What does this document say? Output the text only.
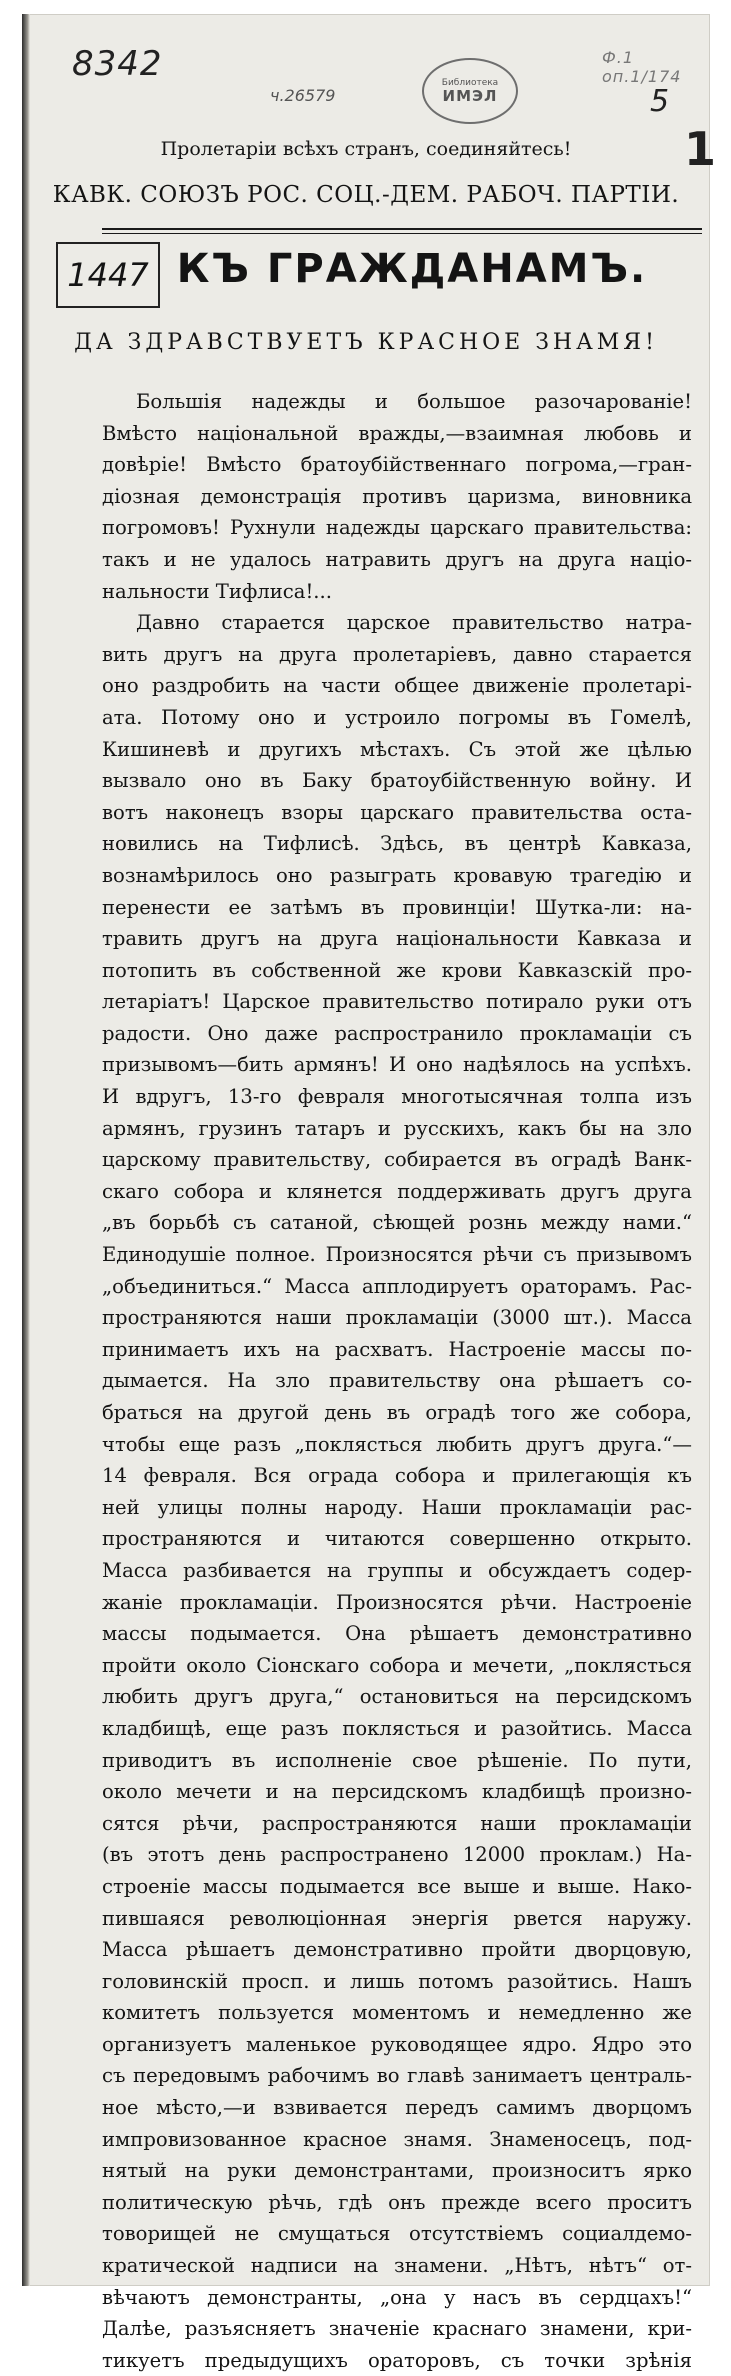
8342
ч.26579
Библиотека
ИМЭЛ
Ф.1 оп.1/174
5
1
Пролетаріи всѣхъ странъ, соединяйтесь!
КАВК. СОЮЗЪ РОС. СОЦ.-ДЕМ. РАБОЧ. ПАРТІИ.
1447 КЪ ГРАЖДАНАМЪ.
ДА ЗДРАВСТВУЕТЪ КРАСНОЕ ЗНАМЯ!
Большія надежды и большое разочарованіе!
Вмѣсто національной вражды,—взаимная любовь и
довѣріе! Вмѣсто братоубійственнаго погрома,—гран-
діозная демонстрація противъ царизма, виновника
погромовъ! Рухнули надежды царскаго правительства:
такъ и не удалось натравить другъ на друга націо-
нальности Тифлиса!...
Давно старается царское правительство натра-
вить другъ на друга пролетаріевъ, давно старается
оно раздробить на части общее движеніе пролетарі-
ата. Потому оно и устроило погромы въ Гомелѣ,
Кишиневѣ и другихъ мѣстахъ. Съ этой же цѣлью
вызвало оно въ Баку братоубійственную войну. И
вотъ наконецъ взоры царскаго правительства оста-
новились на Тифлисѣ. Здѣсь, въ центрѣ Кавказа,
вознамѣрилось оно разыграть кровавую трагедію и
перенести ее затѣмъ въ провинціи! Шутка-ли: на-
травить другъ на друга національности Кавказа и
потопить въ собственной же крови Кавказскій про-
летаріатъ! Царское правительство потирало руки отъ
радости. Оно даже распространило прокламаціи съ
призывомъ—бить армянъ! И оно надѣялось на успѣхъ.
И вдругъ, 13-го февраля многотысячная толпа изъ
армянъ, грузинъ татаръ и русскихъ, какъ бы на зло
царскому правительству, собирается въ оградѣ Ванк-
скаго собора и клянется поддерживать другъ друга
„въ борьбѣ съ сатаной, сѣющей рознь между нами.“
Единодушіе полное. Произносятся рѣчи съ призывомъ
„объединиться.“ Масса апплодируетъ ораторамъ. Рас-
пространяются наши прокламаціи (3000 шт.). Масса
принимаетъ ихъ на расхватъ. Настроеніе массы по-
дымается. На зло правительству она рѣшаетъ со-
браться на другой день въ оградѣ того же собора,
чтобы еще разъ „поклясться любить другъ друга.“—
14 февраля. Вся ограда собора и прилегающія къ
ней улицы полны народу. Наши прокламаціи рас-
пространяются и читаются совершенно открыто.
Масса разбивается на группы и обсуждаетъ содер-
жаніе прокламаціи. Произносятся рѣчи. Настроеніе
массы подымается. Она рѣшаетъ демонстративно
пройти около Сіонскаго собора и мечети, „поклясться
любить другъ друга,“ остановиться на персидскомъ
кладбищѣ, еще разъ поклясться и разойтись. Масса
приводитъ въ исполненіе свое рѣшеніе. По пути,
около мечети и на персидскомъ кладбищѣ произно-
сятся рѣчи, распространяются наши прокламаціи
(въ этотъ день распространено 12000 проклам.) На-
строеніе массы подымается все выше и выше. Нако-
пившаяся революціонная энергія рвется наружу.
Масса рѣшаетъ демонстративно пройти дворцовую,
головинскій просп. и лишь потомъ разойтись. Нашъ
комитетъ пользуется моментомъ и немедленно же
организуетъ маленькое руководящее ядро. Ядро это
съ передовымъ рабочимъ во главѣ занимаетъ централь-
ное мѣсто,—и взвивается передъ самимъ дворцомъ
импровизованное красное знамя. Знаменосецъ, под-
нятый на руки демонстрантами, произноситъ ярко
политическую рѣчь, гдѣ онъ прежде всего проситъ
товорищей не смущаться отсутствіемъ социалдемо-
кратической надписи на знамени. „Нѣтъ, нѣтъ“ от-
вѣчаютъ демонстранты, „она у насъ въ сердцахъ!“
Далѣе, разъясняетъ значеніе краснаго знамени, кри-
тикуетъ предыдущихъ ораторовъ, съ точки зрѣнія
